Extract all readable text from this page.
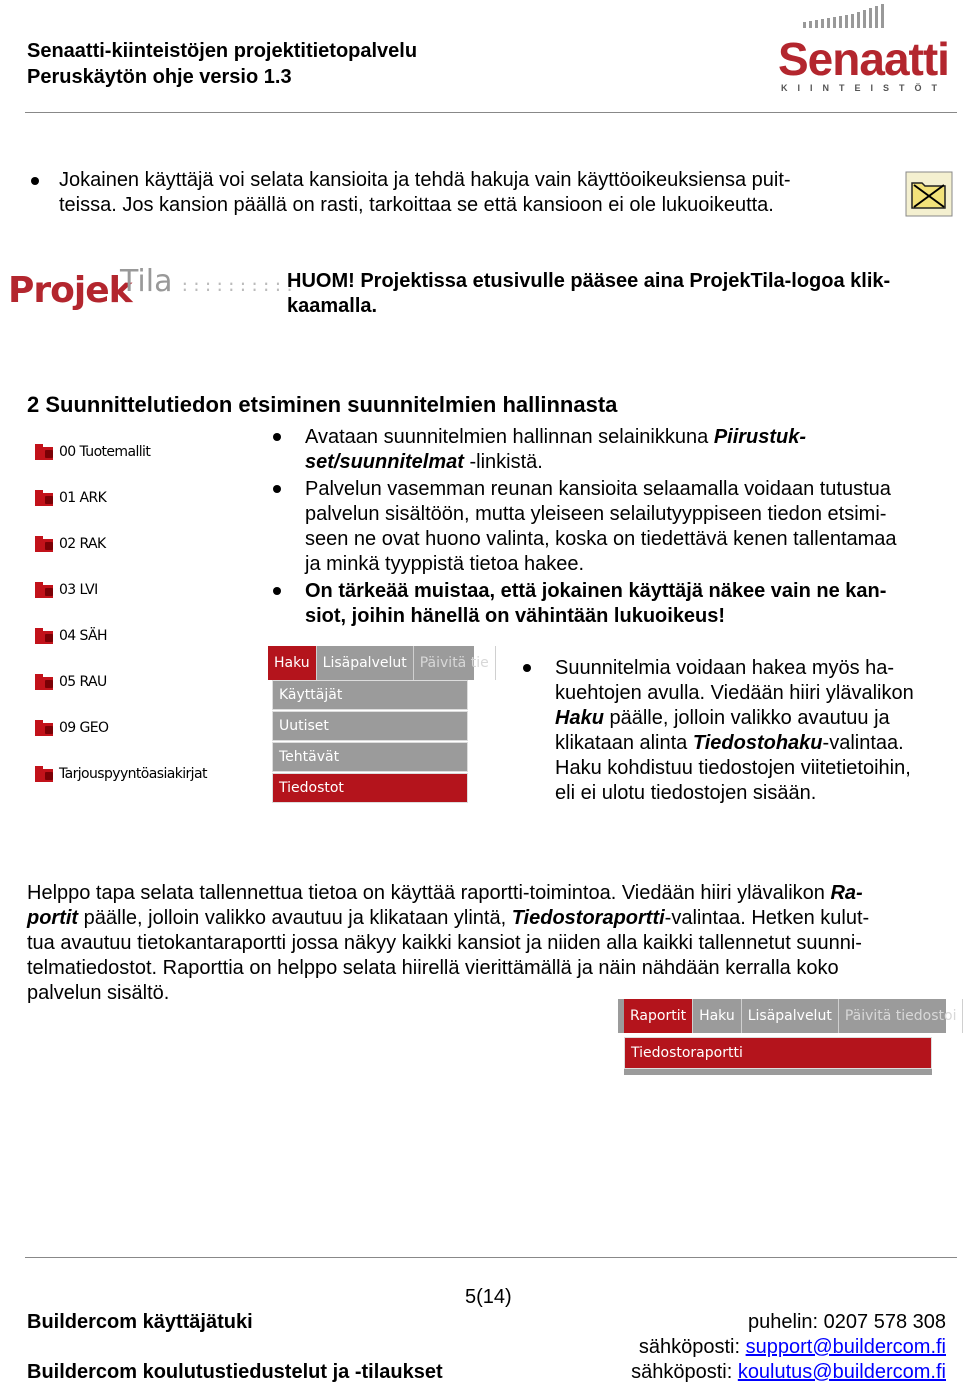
Senaatti-kiinteistöjen projektitietopalvelu
Peruskäytön ohje versio 1.3	Senaatti
KIINTEISTÖT
Jokainen käyttäjä voi selata kansioita ja tehdä hakuja vain käyttöoikeuksiensa puit-
teissa. Jos kansion päällä on rasti, tarkoittaa se että kansioon ei ole lukuoikeutta.
Projek
Tila ::::::::::
HUOM! Projektissa etusivulle pääsee aina ProjekTila-logoa klik-
kaamalla.
2 Suunnittelutiedon etsiminen suunnitelmien hallinnasta
00 Tuotemallit
01 ARK
02 RAK
03 LVI
04 SÄH
05 RAU
09 GEO
Tarjouspyyntöasiakirjat
Avataan suunnitelmien hallinnan selainikkuna Piirustuk-
set/suunnitelmat -linkistä.
Palvelun vasemman reunan kansioita selaamalla voidaan tutustua
palvelun sisältöön, mutta yleiseen selailutyyppiseen tiedon etsimi-
seen ne ovat huono valinta, koska on tiedettävä kenen tallentamaa
ja minkä tyyppistä tietoa hakee.
On tärkeää muistaa, että jokainen käyttäjä näkee vain ne kan-
siot, joihin hänellä on vähintään lukuoikeus!
Haku Lisäpalvelut Päivitä tie
Käyttäjät
Uutiset
Tehtävät
Tiedostot
Suunnitelmia voidaan hakea myös ha-
kuehtojen avulla. Viedään hiiri ylävalikon
Haku päälle, jolloin valikko avautuu ja
klikataan alinta Tiedostohaku-valintaa.
Haku kohdistuu tiedostojen viitetietoihin,
eli ei ulotu tiedostojen sisään.
Helppo tapa selata tallennettua tietoa on käyttää raportti-toimintoa. Viedään hiiri ylävalikon Ra-
portit päälle, jolloin valikko avautuu ja klikataan ylintä, Tiedostoraportti-valintaa. Hetken kulut-
tua avautuu tietokantaraportti jossa näkyy kaikki kansiot ja niiden alla kaikki tallennetut suunni-
telmatiedostot. Raporttia on helppo selata hiirellä vierittämällä ja näin nähdään kerralla koko
palvelun sisältö.
Raportit Haku Lisäpalvelut Päivitä tiedostoi
Tiedostoraportti
5(14)
Buildercom käyttäjätuki	puhelin: 0207 578 308
sähköposti: support@buildercom.fi
Buildercom koulutustiedustelut ja -tilaukset	sähköposti: koulutus@buildercom.fi
